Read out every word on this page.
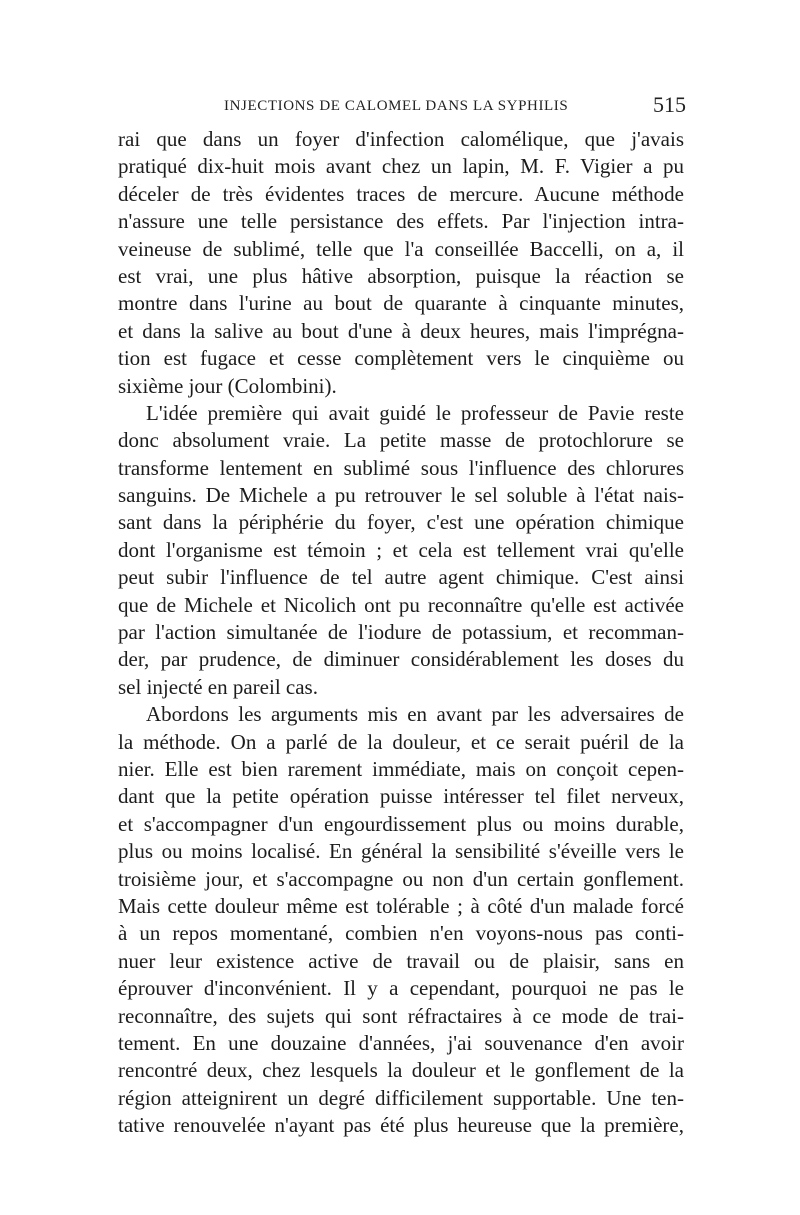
INJECTIONS DE CALOMEL DANS LA SYPHILIS	515
rai que dans un foyer d'infection calomélique, que j'avais
pratiqué dix-huit mois avant chez un lapin, M. F. Vigier a pu
déceler de très évidentes traces de mercure. Aucune méthode
n'assure une telle persistance des effets. Par l'injection intra-
veineuse de sublimé, telle que l'a conseillée Baccelli, on a, il
est vrai, une plus hâtive absorption, puisque la réaction se
montre dans l'urine au bout de quarante à cinquante minutes,
et dans la salive au bout d'une à deux heures, mais l'imprégna-
tion est fugace et cesse complètement vers le cinquième ou
sixième jour (Colombini).
L'idée première qui avait guidé le professeur de Pavie reste
donc absolument vraie. La petite masse de protochlorure se
transforme lentement en sublimé sous l'influence des chlorures
sanguins. De Michele a pu retrouver le sel soluble à l'état nais-
sant dans la périphérie du foyer, c'est une opération chimique
dont l'organisme est témoin ; et cela est tellement vrai qu'elle
peut subir l'influence de tel autre agent chimique. C'est ainsi
que de Michele et Nicolich ont pu reconnaître qu'elle est activée
par l'action simultanée de l'iodure de potassium, et recomman-
der, par prudence, de diminuer considérablement les doses du
sel injecté en pareil cas.
Abordons les arguments mis en avant par les adversaires de
la méthode. On a parlé de la douleur, et ce serait puéril de la
nier. Elle est bien rarement immédiate, mais on conçoit cepen-
dant que la petite opération puisse intéresser tel filet nerveux,
et s'accompagner d'un engourdissement plus ou moins durable,
plus ou moins localisé. En général la sensibilité s'éveille vers le
troisième jour, et s'accompagne ou non d'un certain gonflement.
Mais cette douleur même est tolérable ; à côté d'un malade forcé
à un repos momentané, combien n'en voyons-nous pas conti-
nuer leur existence active de travail ou de plaisir, sans en
éprouver d'inconvénient. Il y a cependant, pourquoi ne pas le
reconnaître, des sujets qui sont réfractaires à ce mode de trai-
tement. En une douzaine d'années, j'ai souvenance d'en avoir
rencontré deux, chez lesquels la douleur et le gonflement de la
région atteignirent un degré difficilement supportable. Une ten-
tative renouvelée n'ayant pas été plus heureuse que la première,
